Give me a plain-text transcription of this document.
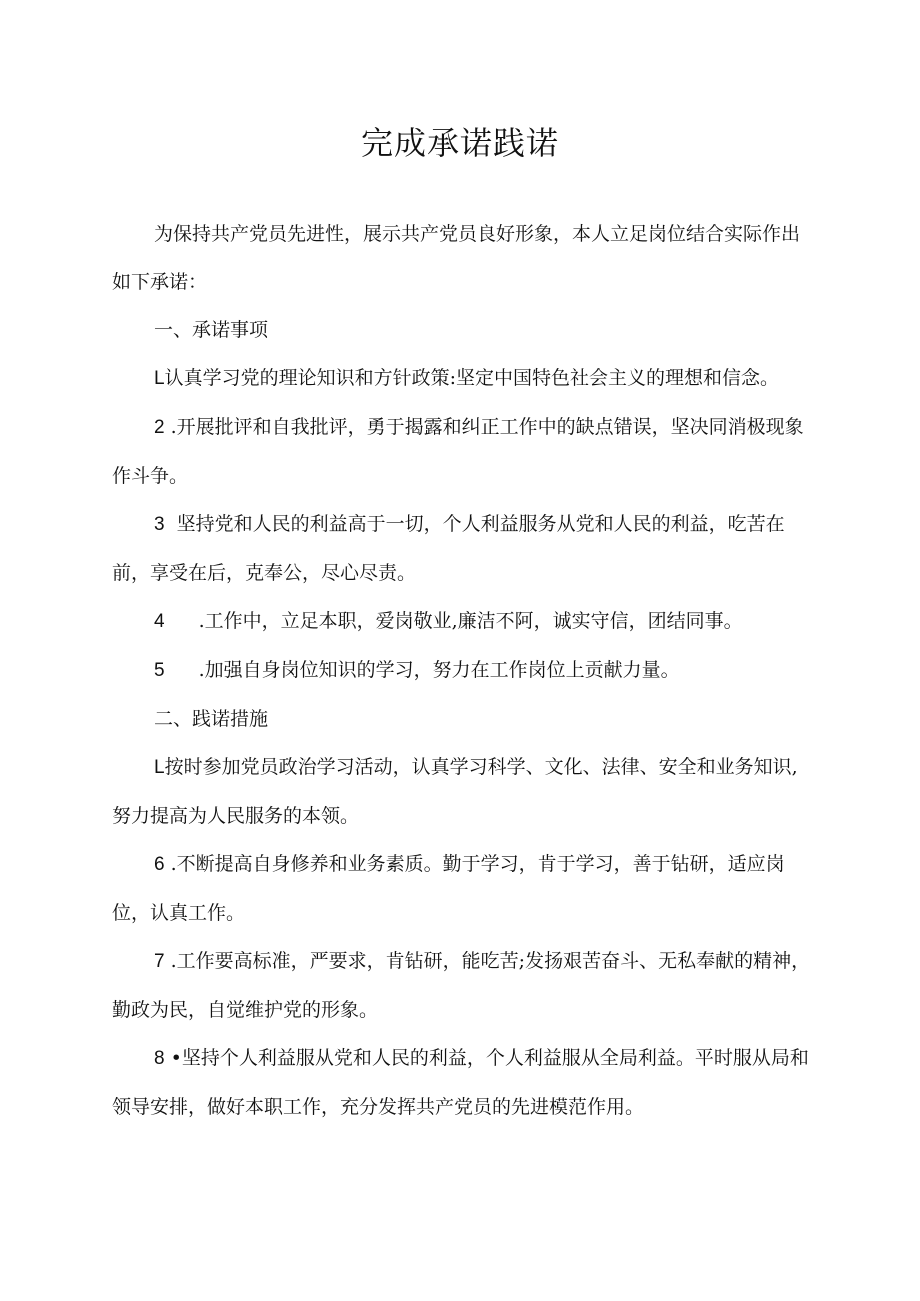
完成承诺践诺

为保持共产党员先进性，展示共产党员良好形象，本人立足岗位结合实际作出如下承诺：

一、承诺事项

L认真学习党的理论知识和方针政策:坚定中国特色社会主义的理想和信念。

2 .开展批评和自我批评，勇于揭露和纠正工作中的缺点错误，坚决同消极现象作斗争。

3 坚持党和人民的利益高于一切，个人利益服务从党和人民的利益，吃苦在前，享受在后，克奉公，尽心尽责。

4 .工作中，立足本职，爱岗敬业,廉洁不阿，诚实守信，团结同事。

5 .加强自身岗位知识的学习，努力在工作岗位上贡献力量。

二、践诺措施

L按时参加党员政治学习活动，认真学习科学、文化、法律、安全和业务知识,努力提高为人民服务的本领。

6 .不断提高自身修养和业务素质。勤于学习，肯于学习，善于钻研，适应岗位，认真工作。

7 .工作要高标准，严要求，肯钻研，能吃苦;发扬艰苦奋斗、无私奉献的精神，勤政为民，自觉维护党的形象。

8 •坚持个人利益服从党和人民的利益，个人利益服从全局利益。平时服从局和领导安排，做好本职工作，充分发挥共产党员的先进模范作用。
